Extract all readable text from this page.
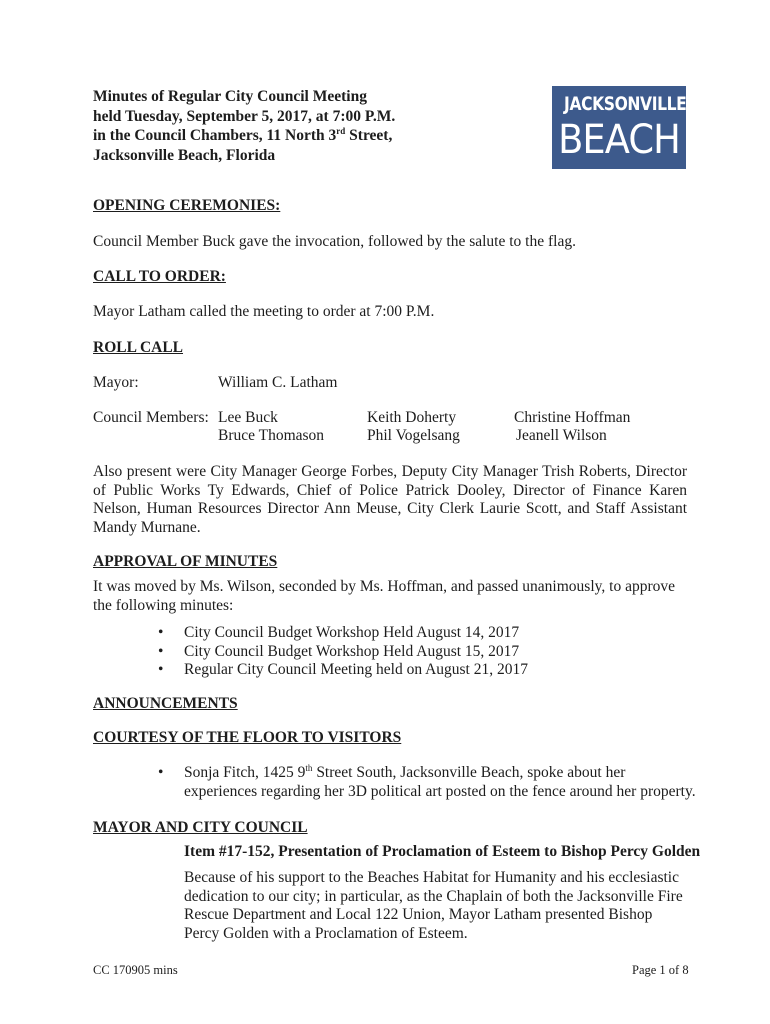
Minutes of Regular City Council Meeting
held Tuesday, September 5, 2017, at 7:00 P.M.
in the Council Chambers, 11 North 3rd Street,
Jacksonville Beach, Florida
JACKSONVILLE
BEACH
OPENING CEREMONIES:
Council Member Buck gave the invocation, followed by the salute to the flag.
CALL TO ORDER:
Mayor Latham called the meeting to order at 7:00 P.M.
ROLL CALL
Mayor:	William C. Latham
Council Members: Lee Buck	Keith Doherty	Christine Hoffman
Bruce Thomason	Phil Vogelsang	Jeanell Wilson
Also present were City Manager George Forbes, Deputy City Manager Trish Roberts, Director of Public Works Ty Edwards, Chief of Police Patrick Dooley, Director of Finance Karen Nelson, Human Resources Director Ann Meuse, City Clerk Laurie Scott, and Staff Assistant Mandy Murnane.
APPROVAL OF MINUTES
It was moved by Ms. Wilson, seconded by Ms. Hoffman, and passed unanimously, to approve the following minutes:
• City Council Budget Workshop Held August 14, 2017
• City Council Budget Workshop Held August 15, 2017
• Regular City Council Meeting held on August 21, 2017
ANNOUNCEMENTS
COURTESY OF THE FLOOR TO VISITORS
• Sonja Fitch, 1425 9th Street South, Jacksonville Beach, spoke about her experiences regarding her 3D political art posted on the fence around her property.
MAYOR AND CITY COUNCIL
Item #17-152, Presentation of Proclamation of Esteem to Bishop Percy Golden
Because of his support to the Beaches Habitat for Humanity and his ecclesiastic dedication to our city; in particular, as the Chaplain of both the Jacksonville Fire Rescue Department and Local 122 Union, Mayor Latham presented Bishop Percy Golden with a Proclamation of Esteem.
CC 170905 mins	Page 1 of 8
